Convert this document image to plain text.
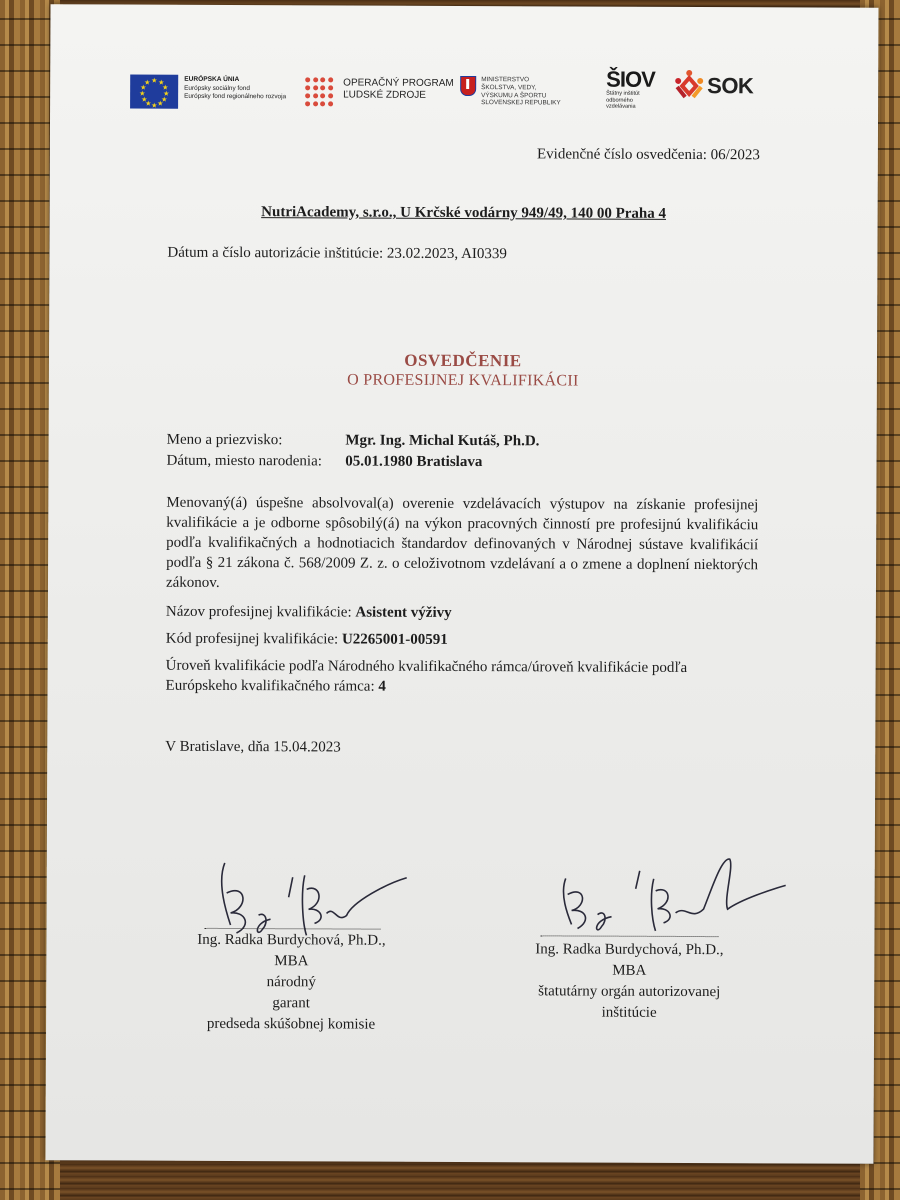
★ ★
★
★
★
★
★
★
★
★
★
★	EURÓPSKA ÚNIA
Európsky sociálny fond
Európsky fond regionálneho rozvoja
OPERAČNÝ PROGRAM
ĽUDSKÉ ZDROJE
MINISTERSTVO
ŠKOLSTVA, VEDY,
VÝSKUMU A ŠPORTU
SLOVENSKEJ REPUBLIKY
ŠIOV
Štátny inštitút
odborného
vzdelávania
SOK
Evidenčné číslo osvedčenia: 06/2023
NutriAcademy, s.r.o., U Krčské vodárny 949/49, 140 00 Praha 4
Dátum a číslo autorizácie inštitúcie: 23.02.2023, AI0339
OSVEDČENIE
O PROFESIJNEJ KVALIFIKÁCII
Meno a priezvisko:	Mgr. Ing. Michal Kutáš, Ph.D.
Dátum, miesto narodenia: 05.01.1980 Bratislava
Menovaný(á) úspešne absolvoval(a) overenie vzdelávacích výstupov na získanie profesijnej kvalifikácie a je odborne spôsobilý(á) na výkon pracovných činností pre profesijnú kvalifikáciu podľa kvalifikačných a hodnotiacich štandardov definovaných v Národnej sústave kvalifikácií podľa § 21 zákona č. 568/2009 Z. z. o celoživotnom vzdelávaní a o zmene a doplnení niektorých zákonov.
Názov profesijnej kvalifikácie: Asistent výživy
Kód profesijnej kvalifikácie: U2265001-00591
Úroveň kvalifikácie podľa Národného kvalifikačného rámca/úroveň kvalifikácie podľa
Európskeho kvalifikačného rámca: 4
V Bratislave, dňa 15.04.2023
Ing. Radka Burdychová, Ph.D.,
MBA
národný
garant
predseda skúšobnej komisie
Ing. Radka Burdychová, Ph.D.,
MBA
štatutárny orgán autorizovanej
inštitúcie
